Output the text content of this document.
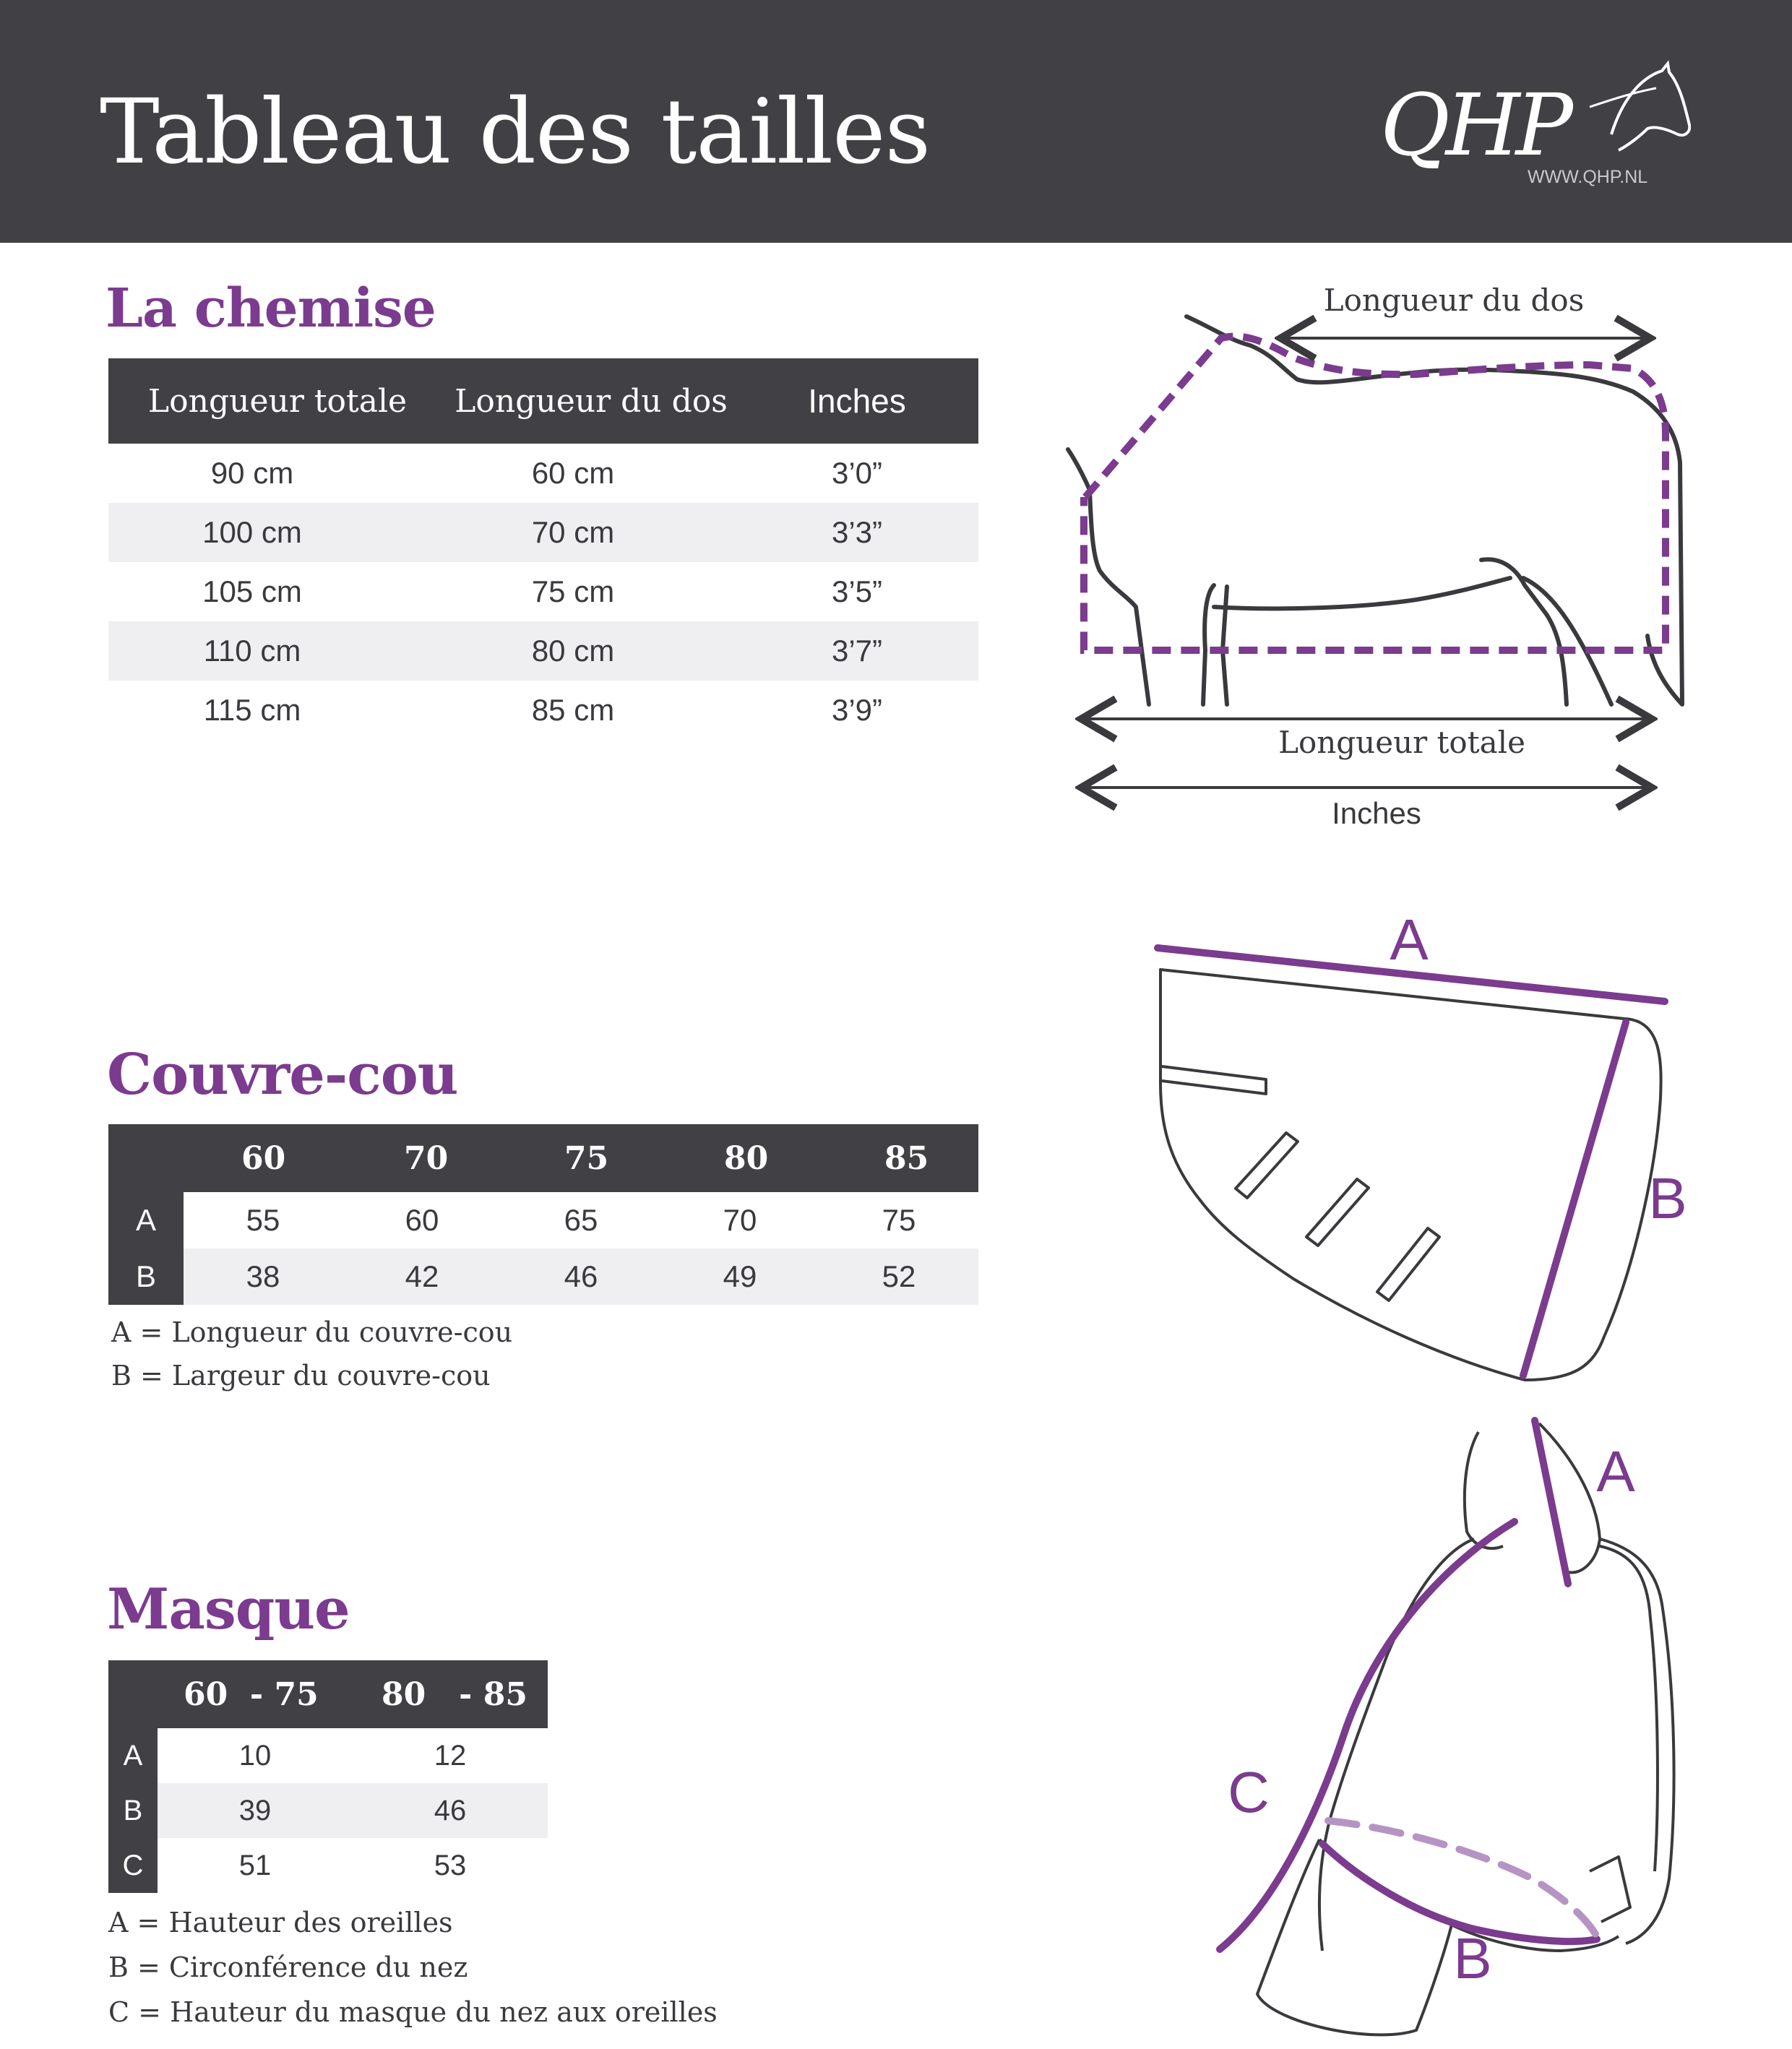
Tableau des tailles	QHP
WWW.QHP.NL
La chemise
Longueur totale	Longueur du dos	Inches
90 cm	60 cm	3’0”
100 cm	70 cm	3’3”
105 cm	75 cm	3’5”
110 cm	80 cm	3’7”
115 cm	85 cm	3’9”
Couvre-cou
	60	70	75	80	85
A	55	60	65	70	75
B	38	42	46	49	52
A = Longueur du couvre-cou
B = Largeur du couvre-cou
Masque
	60  - 75	80   - 85
A	10	12
B	39	46
C	51	53
A = Hauteur des oreilles
B = Circonférence du nez
C = Hauteur du masque du nez aux oreilles
Longueur du dos
Longueur totale
Inches
A
B
A
B
C
